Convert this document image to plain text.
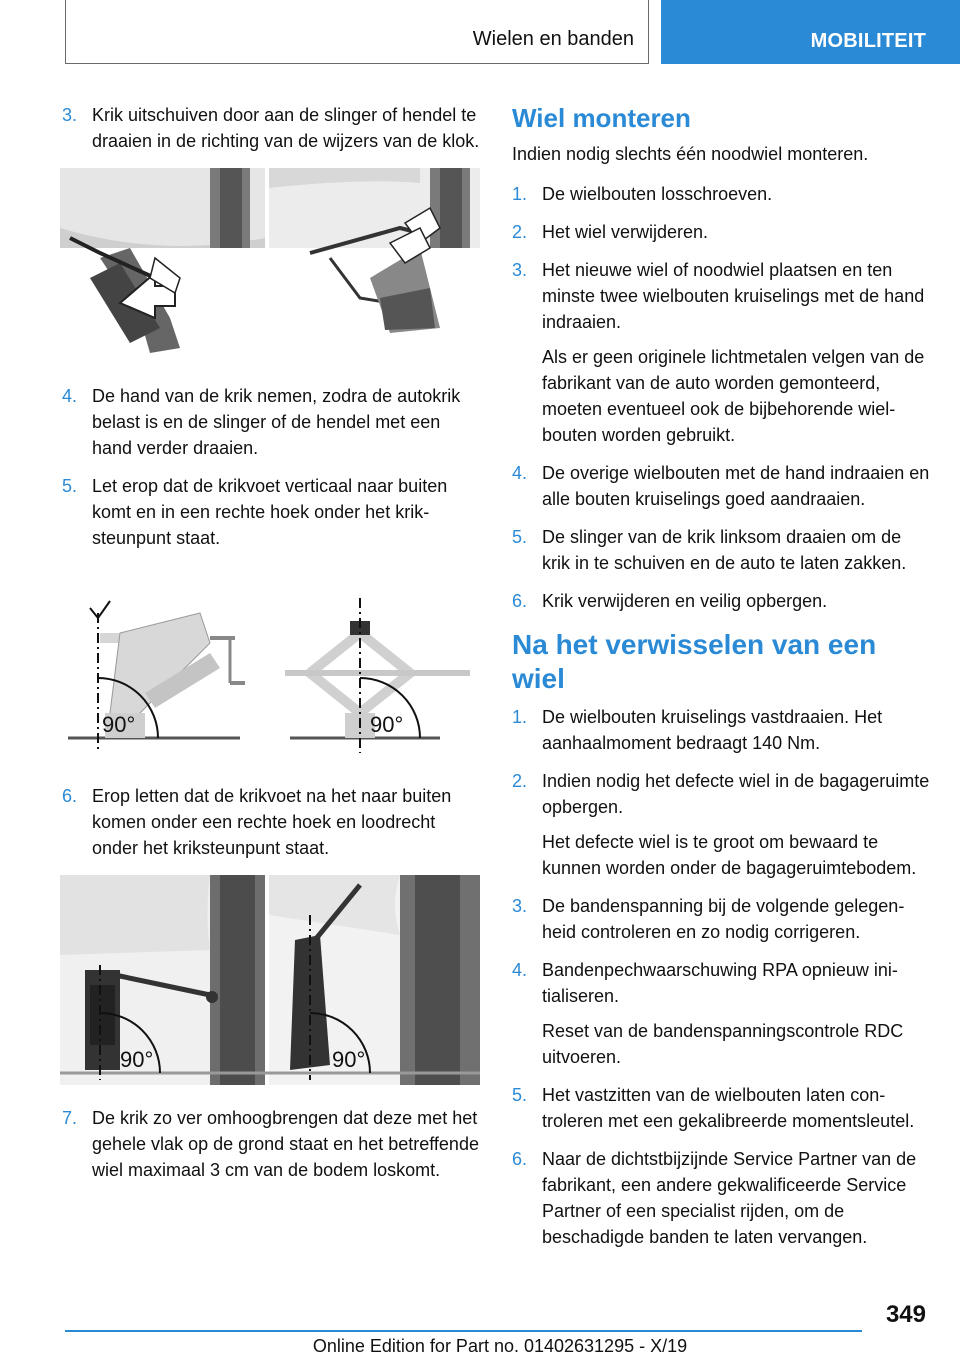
Wielen en banden	MOBILITEIT
3. Krik uitschuiven door aan de slinger of hendel te draaien in de richting van de wijzers van de klok.
4. De hand van de krik nemen, zodra de autokrik belast is en de slinger of de hendel met een hand verder draaien.
5. Let erop dat de krikvoet verticaal naar buiten komt en in een rechte hoek onder het kriksteunpunt staat.
90°	90°
6. Erop letten dat de krikvoet na het naar buiten komen onder een rechte hoek en loodrecht onder het kriksteunpunt staat.
90°	90°
7. De krik zo ver omhoogbrengen dat deze met het gehele vlak op de grond staat en het betreffende wiel maximaal 3 cm van de bodem loskomt.
Wiel monteren
Indien nodig slechts één noodwiel monteren.
1. De wielbouten losschroeven.
2. Het wiel verwijderen.
3. Het nieuwe wiel of noodwiel plaatsen en ten minste twee wielbouten kruiselings met de hand indraaien.
Als er geen originele lichtmetalen velgen van de fabrikant van de auto worden gemonteerd, moeten eventueel ook de bijbehorende wielbouten worden gebruikt.
4. De overige wielbouten met de hand indraaien en alle bouten kruiselings goed aandraaien.
5. De slinger van de krik linksom draaien om de krik in te schuiven en de auto te laten zakken.
6. Krik verwijderen en veilig opbergen.
Na het verwisselen van een wiel
1. De wielbouten kruiselings vastdraaien. Het aanhaalmoment bedraagt 140 Nm.
2. Indien nodig het defecte wiel in de bagageruimte opbergen.
Het defecte wiel is te groot om bewaard te kunnen worden onder de bagageruimtebodem.
3. De bandenspanning bij de volgende gelegenheid controleren en zo nodig corrigeren.
4. Bandenpechwaarschuwing RPA opnieuw initialiseren.
Reset van de bandenspanningscontrole RDC uitvoeren.
5. Het vastzitten van de wielbouten laten controleren met een gekalibreerde momentsleutel.
6. Naar de dichtstbijzijnde Service Partner van de fabrikant, een andere gekwalificeerde Service Partner of een specialist rijden, om de beschadigde banden te laten vervangen.
349
Online Edition for Part no. 01402631295 - X/19
